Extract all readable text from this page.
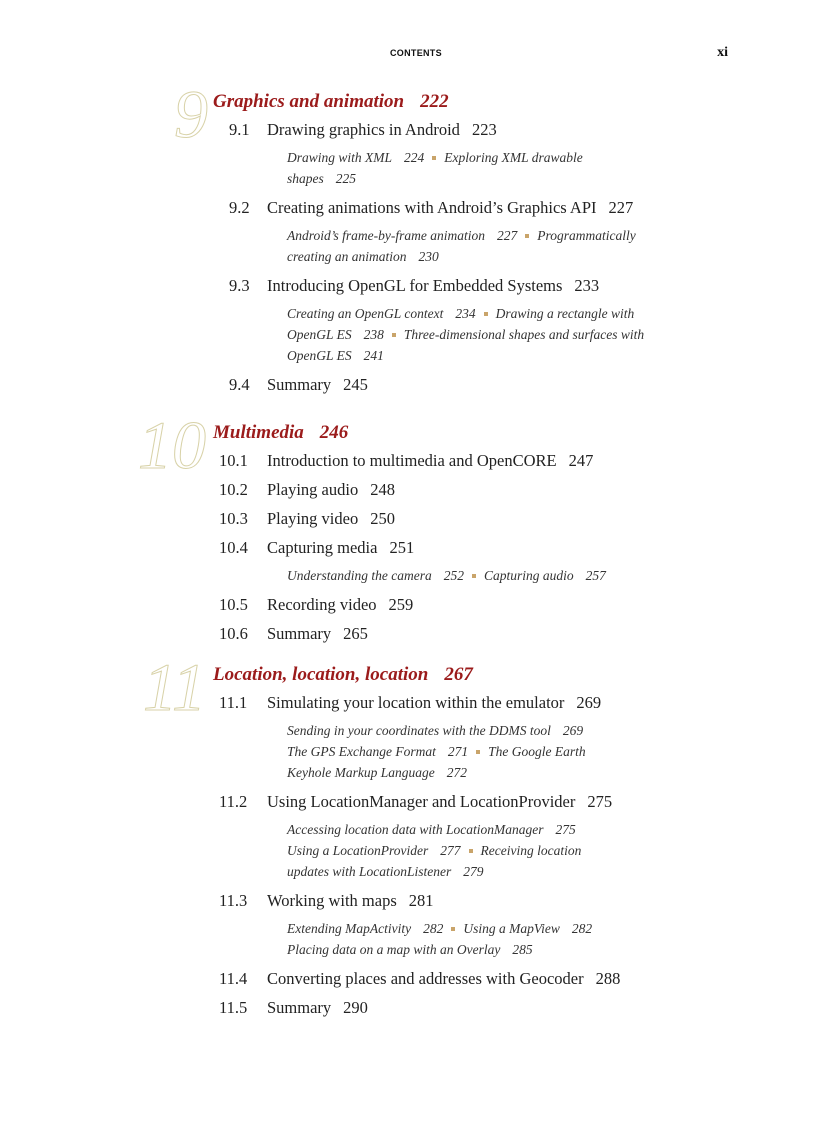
CONTENTS	xi
9 Graphics and animation 222
9.1 Drawing graphics in Android 223
Drawing with XML 224 Exploring XML drawable
shapes 225
9.2 Creating animations with Android’s Graphics API 227
Android’s frame-by-frame animation 227 Programmatically
creating an animation 230
9.3 Introducing OpenGL for Embedded Systems 233
Creating an OpenGL context 234 Drawing a rectangle with
OpenGL ES 238 Three-dimensional shapes and surfaces with
OpenGL ES 241
9.4 Summary 245
10 Multimedia 246
10.1 Introduction to multimedia and OpenCORE 247
10.2 Playing audio 248
10.3 Playing video 250
10.4 Capturing media 251
Understanding the camera 252 Capturing audio 257
10.5 Recording video 259
10.6 Summary 265
11 Location, location, location 267
11.1 Simulating your location within the emulator 269
Sending in your coordinates with the DDMS tool 269
The GPS Exchange Format 271 The Google Earth
Keyhole Markup Language 272
11.2 Using LocationManager and LocationProvider 275
Accessing location data with LocationManager 275
Using a LocationProvider 277 Receiving location
updates with LocationListener 279
11.3 Working with maps 281
Extending MapActivity 282 Using a MapView 282
Placing data on a map with an Overlay 285
11.4 Converting places and addresses with Geocoder 288
11.5 Summary 290
